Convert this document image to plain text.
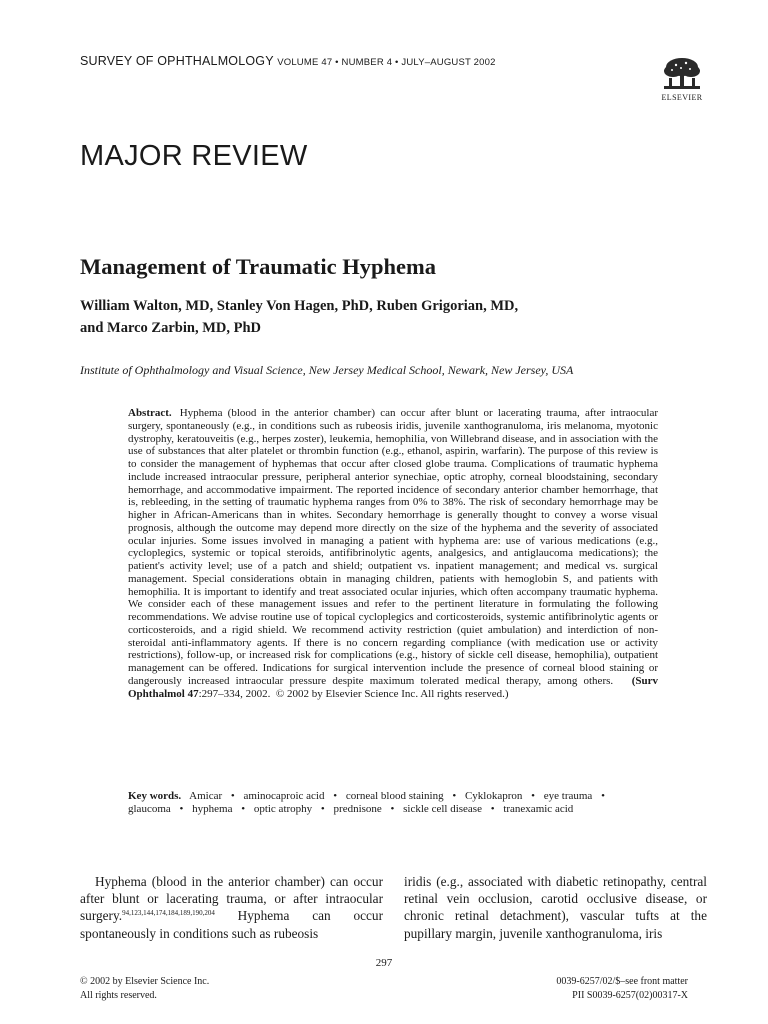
SURVEY OF OPHTHALMOLOGY VOLUME 47 • NUMBER 4 • JULY–AUGUST 2002
ELSEVIER
MAJOR REVIEW
Management of Traumatic Hyphema
William Walton, MD, Stanley Von Hagen, PhD, Ruben Grigorian, MD,
and Marco Zarbin, MD, PhD
Institute of Ophthalmology and Visual Science, New Jersey Medical School, Newark, New Jersey, USA
Abstract. Hyphema (blood in the anterior chamber) can occur after blunt or lacerating trauma, after intraocular surgery, spontaneously (e.g., in conditions such as rubeosis iridis, juvenile xanthogranuloma, iris melanoma, myotonic dystrophy, keratouveitis (e.g., herpes zoster), leukemia, hemophilia, von Willebrand disease, and in association with the use of substances that alter platelet or thrombin function (e.g., ethanol, aspirin, warfarin). The purpose of this review is to consider the management of hyphemas that occur after closed globe trauma. Complications of traumatic hyphema include increased intraocular pressure, peripheral anterior synechiae, optic atrophy, corneal bloodstaining, secondary hemorrhage, and accommodative impairment. The reported incidence of secondary anterior chamber hemorrhage, that is, rebleeding, in the setting of traumatic hyphema ranges from 0% to 38%. The risk of secondary hemorrhage may be higher in African-Americans than in whites. Secondary hemorrhage is generally thought to convey a worse visual prognosis, although the outcome may depend more directly on the size of the hyphema and the severity of associated ocular injuries. Some issues involved in managing a patient with hyphema are: use of various medications (e.g., cycloplegics, systemic or topical steroids, antifibrinolytic agents, analgesics, and antiglaucoma medications); the patient's activity level; use of a patch and shield; outpatient vs. inpatient management; and medical vs. surgical management. Special considerations obtain in managing children, patients with hemoglobin S, and patients with hemophilia. It is important to identify and treat associated ocular injuries, which often accompany traumatic hyphema. We consider each of these management issues and refer to the pertinent literature in formulating the following recommendations. We advise routine use of topical cycloplegics and corticosteroids, systemic antifibrinolytic agents or corticosteroids, and a rigid shield. We recommend activity restriction (quiet ambulation) and interdiction of non-steroidal anti-inflammatory agents. If there is no concern regarding compliance (with medication use or activity restrictions), follow-up, or increased risk for complications (e.g., history of sickle cell disease, hemophilia), outpatient management can be offered. Indications for surgical intervention include the presence of corneal blood staining or dangerously increased intraocular pressure despite maximum tolerated medical therapy, among others. (Surv Ophthalmol 47:297–334, 2002. © 2002 by Elsevier Science Inc. All rights reserved.)
Key words. Amicar • aminocaproic acid • corneal blood staining • Cyklokapron • eye trauma • glaucoma • hyphema • optic atrophy • prednisone • sickle cell disease • tranexamic acid

Hyphema (blood in the anterior chamber) can occur after blunt or lacerating trauma, or after intraocular surgery.$^{94,123,144,174,184,189,190,204}$ Hyphema can occur spontaneously in conditions such as rubeosis

iridis (e.g., associated with diabetic retinopathy, central retinal vein occlusion, carotid occlusive disease, or chronic retinal detachment), vascular tufts at the pupillary margin, juvenile xanthogranuloma, iris

297
© 2002 by Elsevier Science Inc.
All rights reserved.
0039-6257/02/$–see front matter
PII S0039-6257(02)00317-X
